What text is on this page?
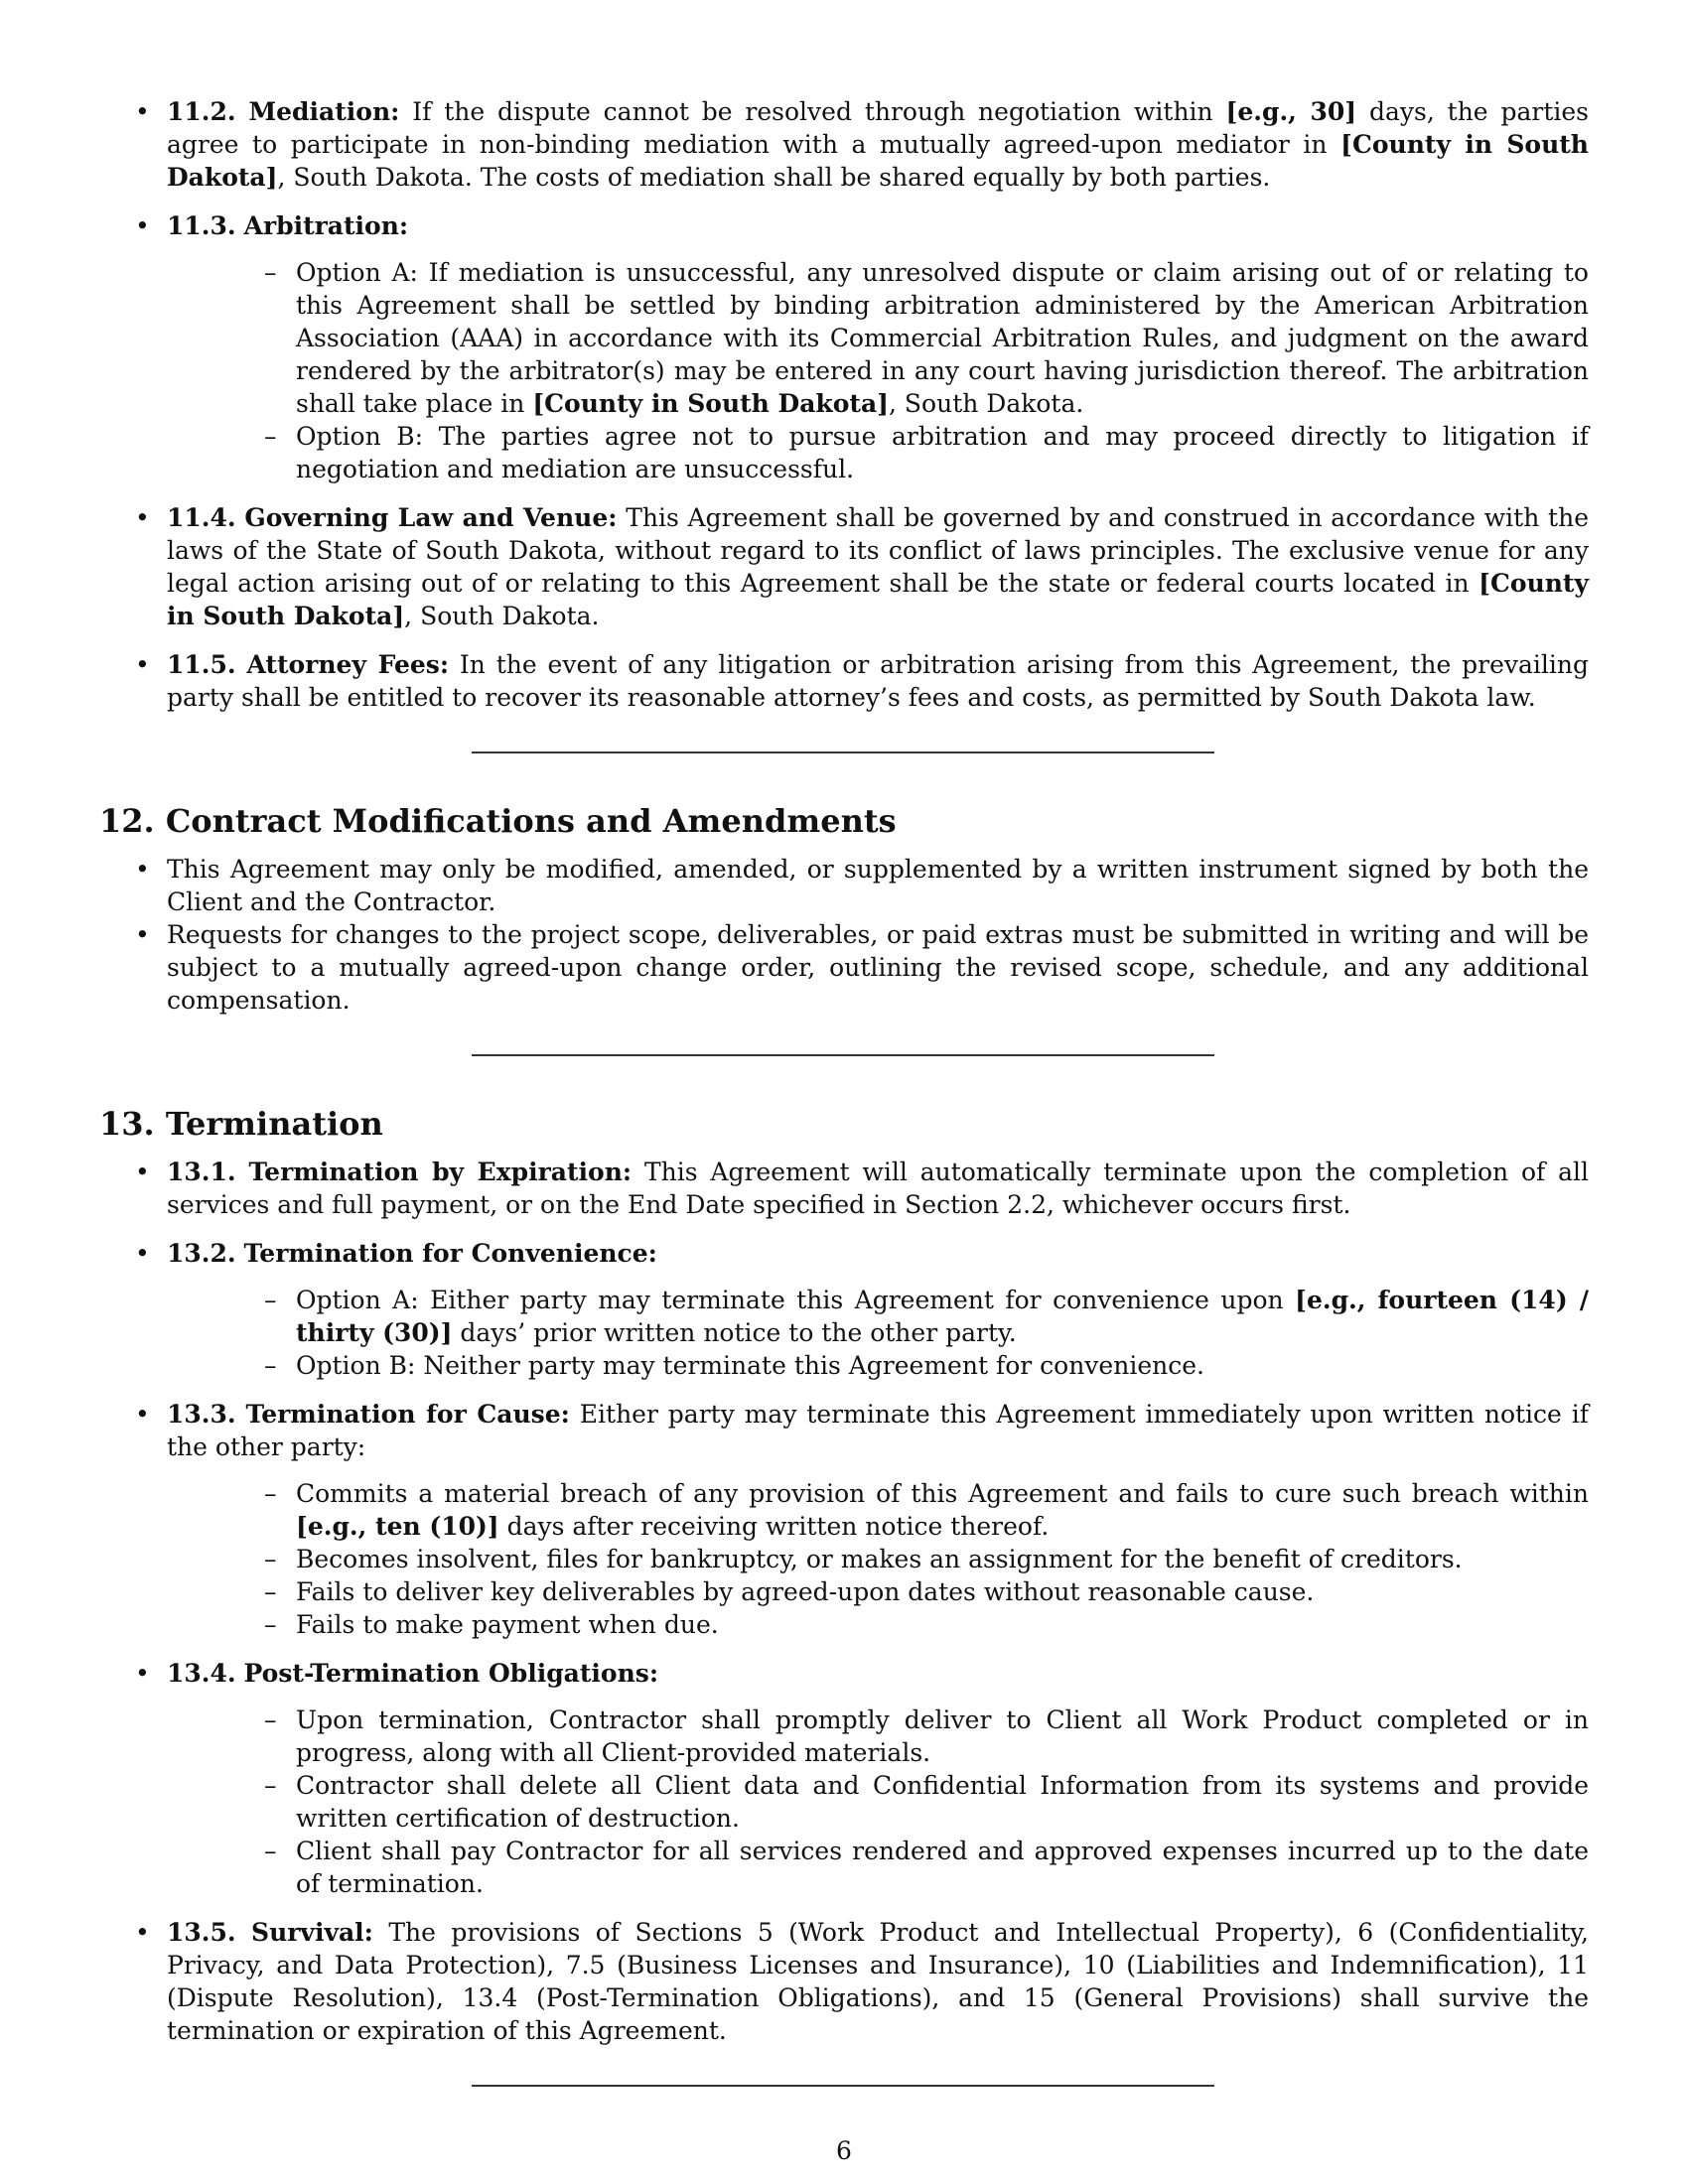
• 11.2. Mediation: If the dispute cannot be resolved through negotiation within [e.g., 30] days, the parties agree to participate in non-binding mediation with a mutually agreed-upon mediator in [County in South Dakota], South Dakota. The costs of mediation shall be shared equally by both parties.
• 11.3. Arbitration:
– Option A: If mediation is unsuccessful, any unresolved dispute or claim arising out of or relating to this Agreement shall be settled by binding arbitration administered by the American Arbitration Association (AAA) in accordance with its Commercial Arbitration Rules, and judgment on the award rendered by the arbitrator(s) may be entered in any court having jurisdiction thereof. The arbitration shall take place in [County in South Dakota], South Dakota.
– Option B: The parties agree not to pursue arbitration and may proceed directly to litigation if negotiation and mediation are unsuccessful.
• 11.4. Governing Law and Venue: This Agreement shall be governed by and construed in accordance with the laws of the State of South Dakota, without regard to its conflict of laws principles. The exclusive venue for any legal action arising out of or relating to this Agreement shall be the state or federal courts located in [County in South Dakota], South Dakota.
• 11.5. Attorney Fees: In the event of any litigation or arbitration arising from this Agreement, the prevailing party shall be entitled to recover its reasonable attorney’s fees and costs, as permitted by South Dakota law.
12. Contract Modifications and Amendments
• This Agreement may only be modified, amended, or supplemented by a written instrument signed by both the Client and the Contractor.
• Requests for changes to the project scope, deliverables, or paid extras must be submitted in writing and will be subject to a mutually agreed-upon change order, outlining the revised scope, schedule, and any additional compensation.
13. Termination
• 13.1. Termination by Expiration: This Agreement will automatically terminate upon the completion of all services and full payment, or on the End Date specified in Section 2.2, whichever occurs first.
• 13.2. Termination for Convenience:
– Option A: Either party may terminate this Agreement for convenience upon [e.g., fourteen (14) / thirty (30)] days’ prior written notice to the other party.
– Option B: Neither party may terminate this Agreement for convenience.
• 13.3. Termination for Cause: Either party may terminate this Agreement immediately upon written notice if the other party:
– Commits a material breach of any provision of this Agreement and fails to cure such breach within [e.g., ten (10)] days after receiving written notice thereof.
– Becomes insolvent, files for bankruptcy, or makes an assignment for the benefit of creditors.
– Fails to deliver key deliverables by agreed-upon dates without reasonable cause.
– Fails to make payment when due.
• 13.4. Post-Termination Obligations:
– Upon termination, Contractor shall promptly deliver to Client all Work Product completed or in progress, along with all Client-provided materials.
– Contractor shall delete all Client data and Confidential Information from its systems and provide written certification of destruction.
– Client shall pay Contractor for all services rendered and approved expenses incurred up to the date of termination.
• 13.5. Survival: The provisions of Sections 5 (Work Product and Intellectual Property), 6 (Confidentiality, Privacy, and Data Protection), 7.5 (Business Licenses and Insurance), 10 (Liabilities and Indemnification), 11 (Dispute Resolution), 13.4 (Post-Termination Obligations), and 15 (General Provisions) shall survive the termination or expiration of this Agreement.
6
